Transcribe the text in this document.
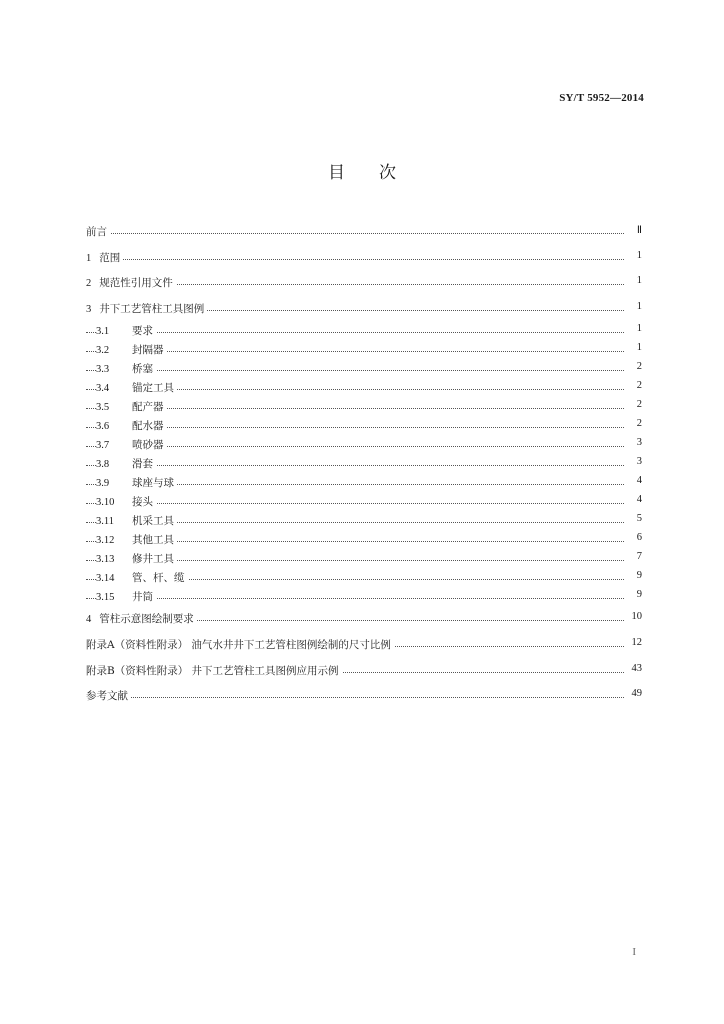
SY/T 5952—2014
目次
前言	Ⅱ
1 范围	1
2 规范性引用文件	1
3 井下工艺管柱工具图例	1
3.1 要求	1
3.2 封隔器	1
3.3 桥塞	2
3.4 锚定工具	2
3.5 配产器	2
3.6 配水器	2
3.7 喷砂器	3
3.8 滑套	3
3.9 球座与球	4
3.10 接头	4
3.11 机采工具	5
3.12 其他工具	6
3.13 修井工具	7
3.14 管、杆、缆	9
3.15 井筒	9
4 管柱示意图绘制要求	10
附录A（资料性附录） 油气水井井下工艺管柱图例绘制的尺寸比例	12
附录B（资料性附录） 井下工艺管柱工具图例应用示例	43
参考文献	49
I
